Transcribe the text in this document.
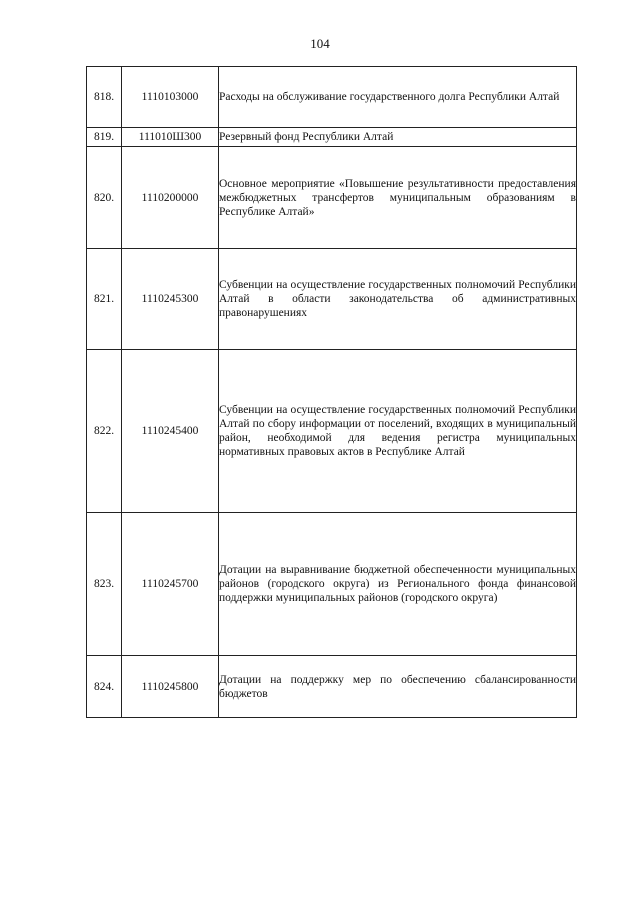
104
818.	1110103000	Расходы на обслуживание государственного долга Республики Алтай
819.	111010Ш300	Резервный фонд Республики Алтай
820.	1110200000	Основное мероприятие «Повышение результативности предоставления межбюджетных трансфертов муниципальным образованиям в Республике Алтай»
821.	1110245300	Субвенции на осуществление государственных полномочий Республики Алтай в области законодательства об административных правонарушениях
822.	1110245400	Субвенции на осуществление государственных полномочий Республики Алтай по сбору информации от поселений, входящих в муниципальный район, необходимой для ведения регистра муниципальных нормативных правовых актов в Республике Алтай
823.	1110245700	Дотации на выравнивание бюджетной обеспеченности муниципальных районов (городского округа) из Регионального фонда финансовой поддержки муниципальных районов (городского округа)
824.	1110245800	Дотации на поддержку мер по обеспечению сбалансированности бюджетов
